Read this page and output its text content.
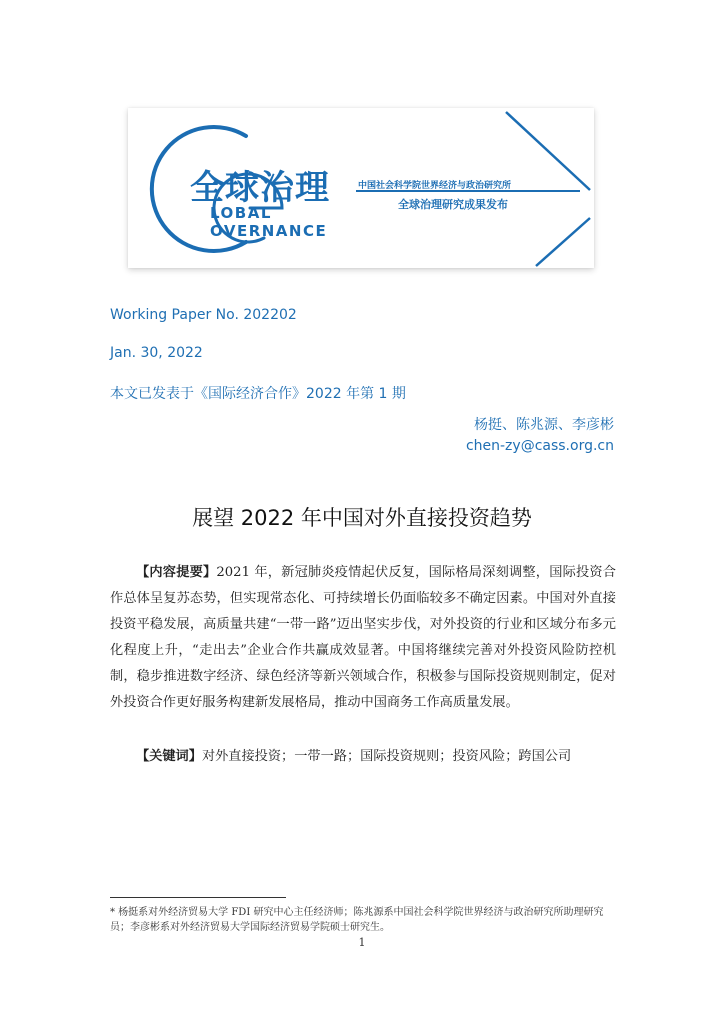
全球治理
LOBAL
OVERNANCE
中国社会科学院世界经济与政治研究所
全球治理研究成果发布
Working Paper No. 202202
Jan. 30, 2022
本文已发表于《国际经济合作》2022 年第 1 期
杨挺、陈兆源、李彦彬
chen-zy@cass.org.cn
展望 2022 年中国对外直接投资趋势

【内容提要】2021 年，新冠肺炎疫情起伏反复，国际格局深刻调整，国际投资合作总体呈复苏态势，但实现常态化、可持续增长仍面临较多不确定因素。中国对外直接投资平稳发展，高质量共建“一带一路”迈出坚实步伐，对外投资的行业和区域分布多元化程度上升，“走出去”企业合作共赢成效显著。中国将继续完善对外投资风险防控机制，稳步推进数字经济、绿色经济等新兴领域合作，积极参与国际投资规则制定，促对外投资合作更好服务构建新发展格局，推动中国商务工作高质量发展。

【关键词】对外直接投资；一带一路；国际投资规则；投资风险；跨国公司

* 杨挺系对外经济贸易大学 FDI 研究中心主任经济师；陈兆源系中国社会科学院世界经济与政治研究所助理研究员；李彦彬系对外经济贸易大学国际经济贸易学院硕士研究生。

1
